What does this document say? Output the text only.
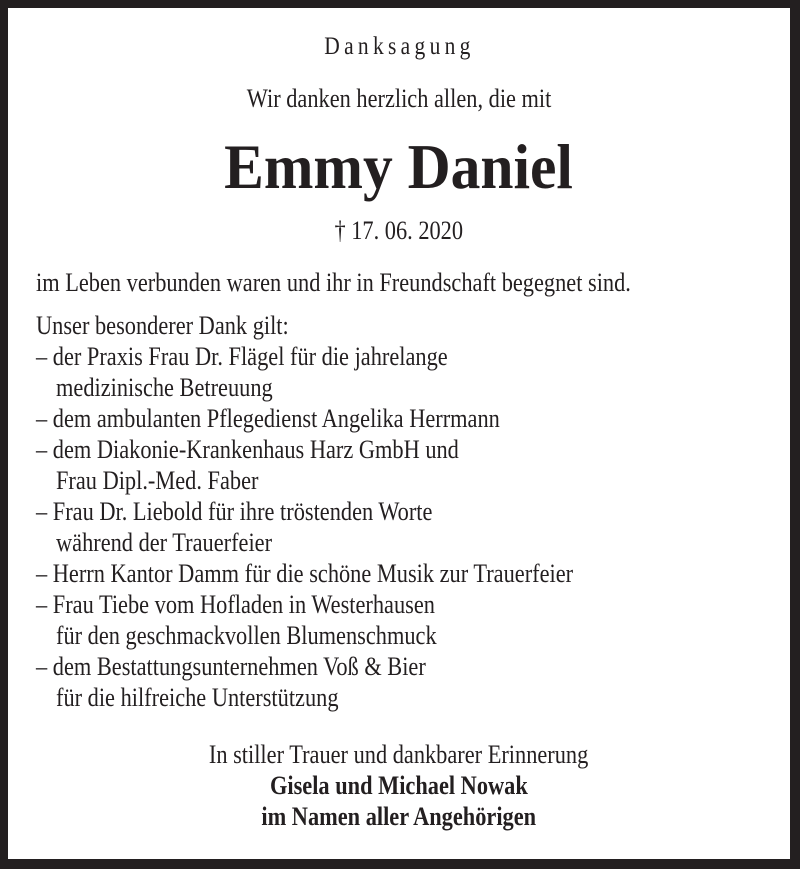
Danksagung
Wir danken herzlich allen, die mit
Emmy Daniel
† 17. 06. 2020
im Leben verbunden waren und ihr in Freundschaft begegnet sind.
Unser besonderer Dank gilt:
– der Praxis Frau Dr. Flägel für die jahrelange
medizinische Betreuung
– dem ambulanten Pflegedienst Angelika Herrmann
– dem Diakonie-Krankenhaus Harz GmbH und
Frau Dipl.-Med. Faber
– Frau Dr. Liebold für ihre tröstenden Worte
während der Trauerfeier
– Herrn Kantor Damm für die schöne Musik zur Trauerfeier
– Frau Tiebe vom Hofladen in Westerhausen
für den geschmackvollen Blumenschmuck
– dem Bestattungsunternehmen Voß & Bier
für die hilfreiche Unterstützung
In stiller Trauer und dankbarer Erinnerung
Gisela und Michael Nowak
im Namen aller Angehörigen
